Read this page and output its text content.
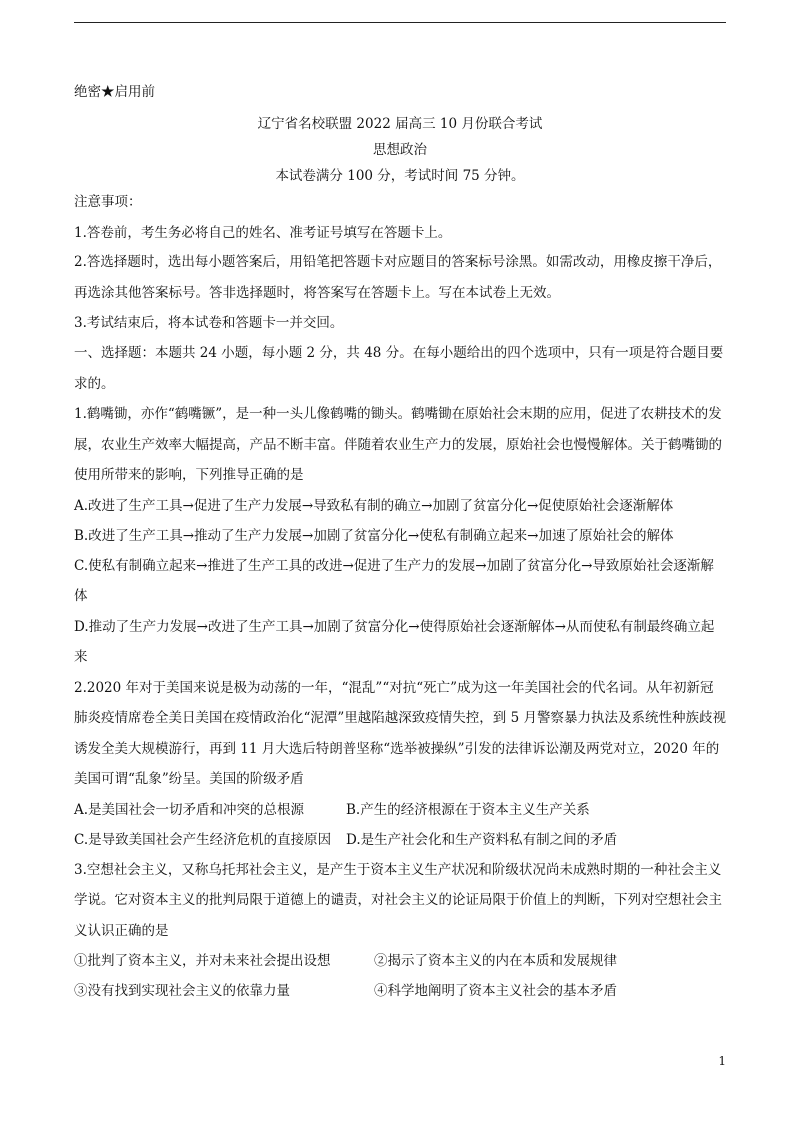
绝密★启用前
辽宁省名校联盟 2022 届高三 10 月份联合考试
思想政治
本试卷满分 100 分，考试时间 75 分钟。
注意事项：
1.答卷前，考生务必将自己的姓名、准考证号填写在答题卡上。
2.答选择题时，选出每小题答案后，用铅笔把答题卡对应题目的答案标号涂黑。如需改动，用橡皮擦干净后，再选涂其他答案标号。答非选择题时，将答案写在答题卡上。写在本试卷上无效。
3.考试结束后，将本试卷和答题卡一并交回。
一、选择题：本题共 24 小题，每小题 2 分，共 48 分。在每小题给出的四个选项中，只有一项是符合题目要求的。
1.鹤嘴锄，亦作“鹤嘴镢”，是一种一头儿像鹤嘴的锄头。鹤嘴锄在原始社会末期的应用，促进了农耕技术的发展，农业生产效率大幅提高，产品不断丰富。伴随着农业生产力的发展，原始社会也慢慢解体。关于鹤嘴锄的使用所带来的影响，下列推导正确的是
A.改进了生产工具→促进了生产力发展→导致私有制的确立→加剧了贫富分化→促使原始社会逐渐解体
B.改进了生产工具→推动了生产力发展→加剧了贫富分化→使私有制确立起来→加速了原始社会的解体
C.使私有制确立起来→推进了生产工具的改进→促进了生产力的发展→加剧了贫富分化→导致原始社会逐渐解体
D.推动了生产力发展→改进了生产工具→加剧了贫富分化→使得原始社会逐渐解体→从而使私有制最终确立起来
2.2020 年对于美国来说是极为动荡的一年，“混乱”“对抗“死亡”成为这一年美国社会的代名词。从年初新冠肺炎疫情席卷全美日美国在疫情政治化“泥潭”里越陷越深致疫情失控，到 5 月警察暴力执法及系统性种族歧视诱发全美大规模游行，再到 11 月大选后特朗普坚称“选举被操纵”引发的法律诉讼潮及两党对立，2020 年的美国可谓“乱象”纷呈。美国的阶级矛盾
A.是美国社会一切矛盾和冲突的总根源	B.产生的经济根源在于资本主义生产关系
C.是导致美国社会产生经济危机的直接原因	D.是生产社会化和生产资料私有制之间的矛盾
3.空想社会主义，又称乌托邦社会主义，是产生于资本主义生产状况和阶级状况尚未成熟时期的一种社会主义学说。它对资本主义的批判局限于道德上的谴责，对社会主义的论证局限于价值上的判断，下列对空想社会主义认识正确的是
①批判了资本主义，并对未来社会提出设想	②揭示了资本主义的内在本质和发展规律
③没有找到实现社会主义的依靠力量	④科学地阐明了资本主义社会的基本矛盾
1
